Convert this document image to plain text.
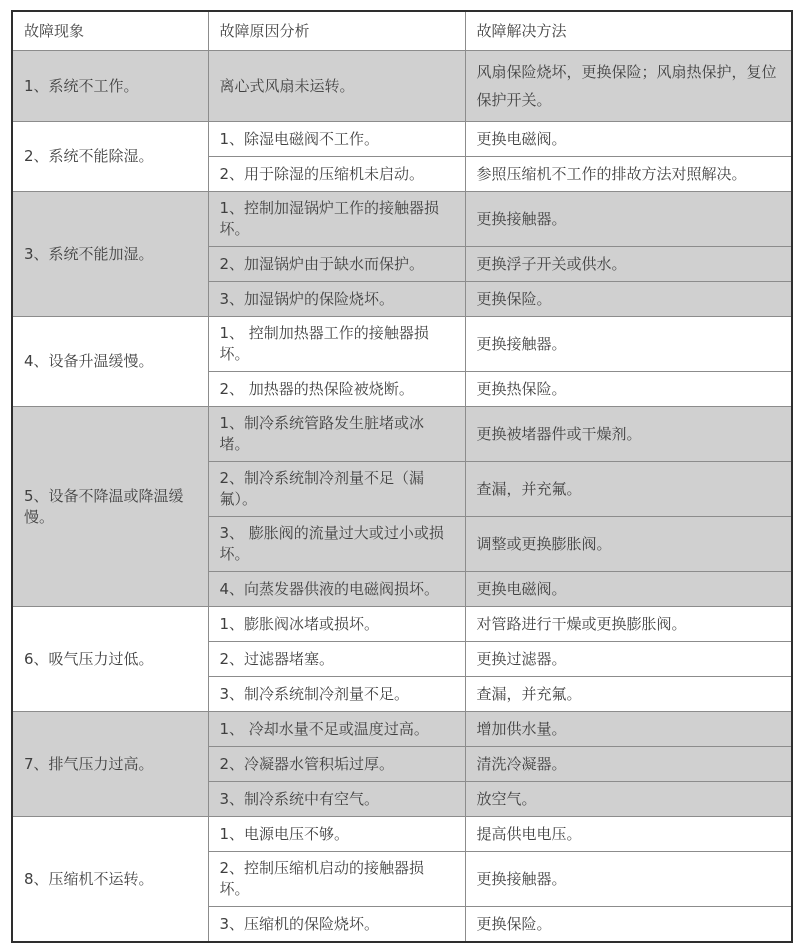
故障现象	故障原因分析	故障解决方法
1、系统不工作。	离心式风扇未运转。	风扇保险烧坏，更换保险；风扇热保护，复位保护开关。
2、系统不能除湿。	1、除湿电磁阀不工作。	更换电磁阀。
	2、用于除湿的压缩机未启动。	参照压缩机不工作的排故方法对照解决。
3、系统不能加湿。	1、控制加湿锅炉工作的接触器损坏。	更换接触器。
	2、加湿锅炉由于缺水而保护。	更换浮子开关或供水。
	3、加湿锅炉的保险烧坏。	更换保险。
4、设备升温缓慢。	1、 控制加热器工作的接触器损坏。	更换接触器。
	2、 加热器的热保险被烧断。	更换热保险。
5、设备不降温或降温缓慢。	1、制冷系统管路发生脏堵或冰堵。	更换被堵器件或干燥剂。
	2、制冷系统制冷剂量不足（漏氟）。	查漏，并充氟。
	3、 膨胀阀的流量过大或过小或损坏。	调整或更换膨胀阀。
	4、向蒸发器供液的电磁阀损坏。	更换电磁阀。
6、吸气压力过低。	1、膨胀阀冰堵或损坏。	对管路进行干燥或更换膨胀阀。
	2、过滤器堵塞。	更换过滤器。
	3、制冷系统制冷剂量不足。	查漏，并充氟。
7、排气压力过高。	1、 冷却水量不足或温度过高。	增加供水量。
	2、冷凝器水管积垢过厚。	清洗冷凝器。
	3、制冷系统中有空气。	放空气。
8、压缩机不运转。	1、电源电压不够。	提高供电电压。
	2、控制压缩机启动的接触器损坏。	更换接触器。
	3、压缩机的保险烧坏。	更换保险。
